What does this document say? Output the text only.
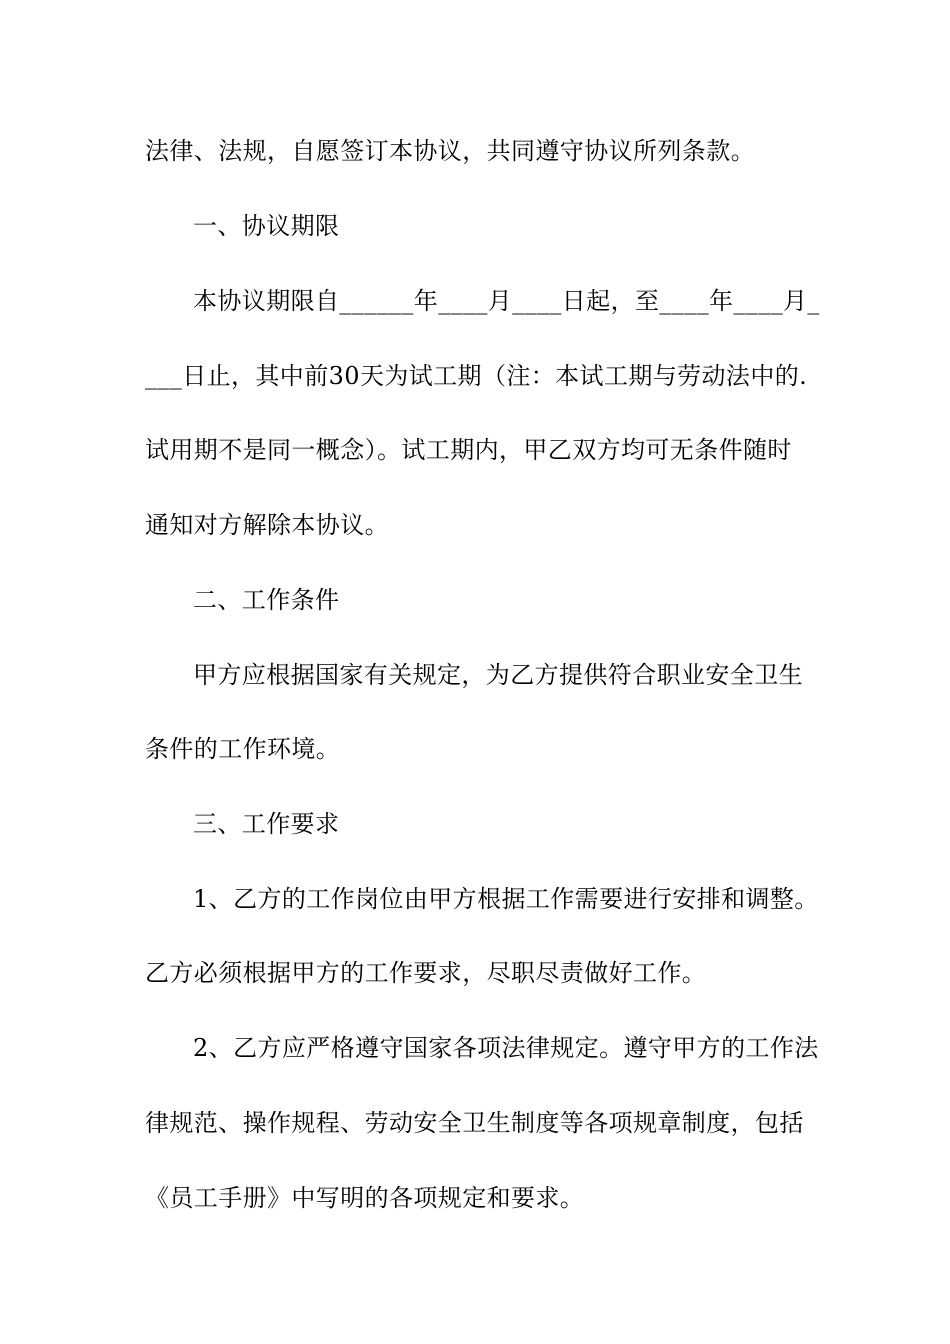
法律、法规，自愿签订本协议，共同遵守协议所列条款。
一、协议期限
本协议期限自______年____月____日起，至____年____月_
___日止，其中前30天为试工期（注：本试工期与劳动法中的.
试用期不是同一概念）。试工期内，甲乙双方均可无条件随时
通知对方解除本协议。
二、工作条件
甲方应根据国家有关规定，为乙方提供符合职业安全卫生
条件的工作环境。
三、工作要求
1、乙方的工作岗位由甲方根据工作需要进行安排和调整。
乙方必须根据甲方的工作要求，尽职尽责做好工作。
2、乙方应严格遵守国家各项法律规定。遵守甲方的工作法
律规范、操作规程、劳动安全卫生制度等各项规章制度，包括
《员工手册》中写明的各项规定和要求。
